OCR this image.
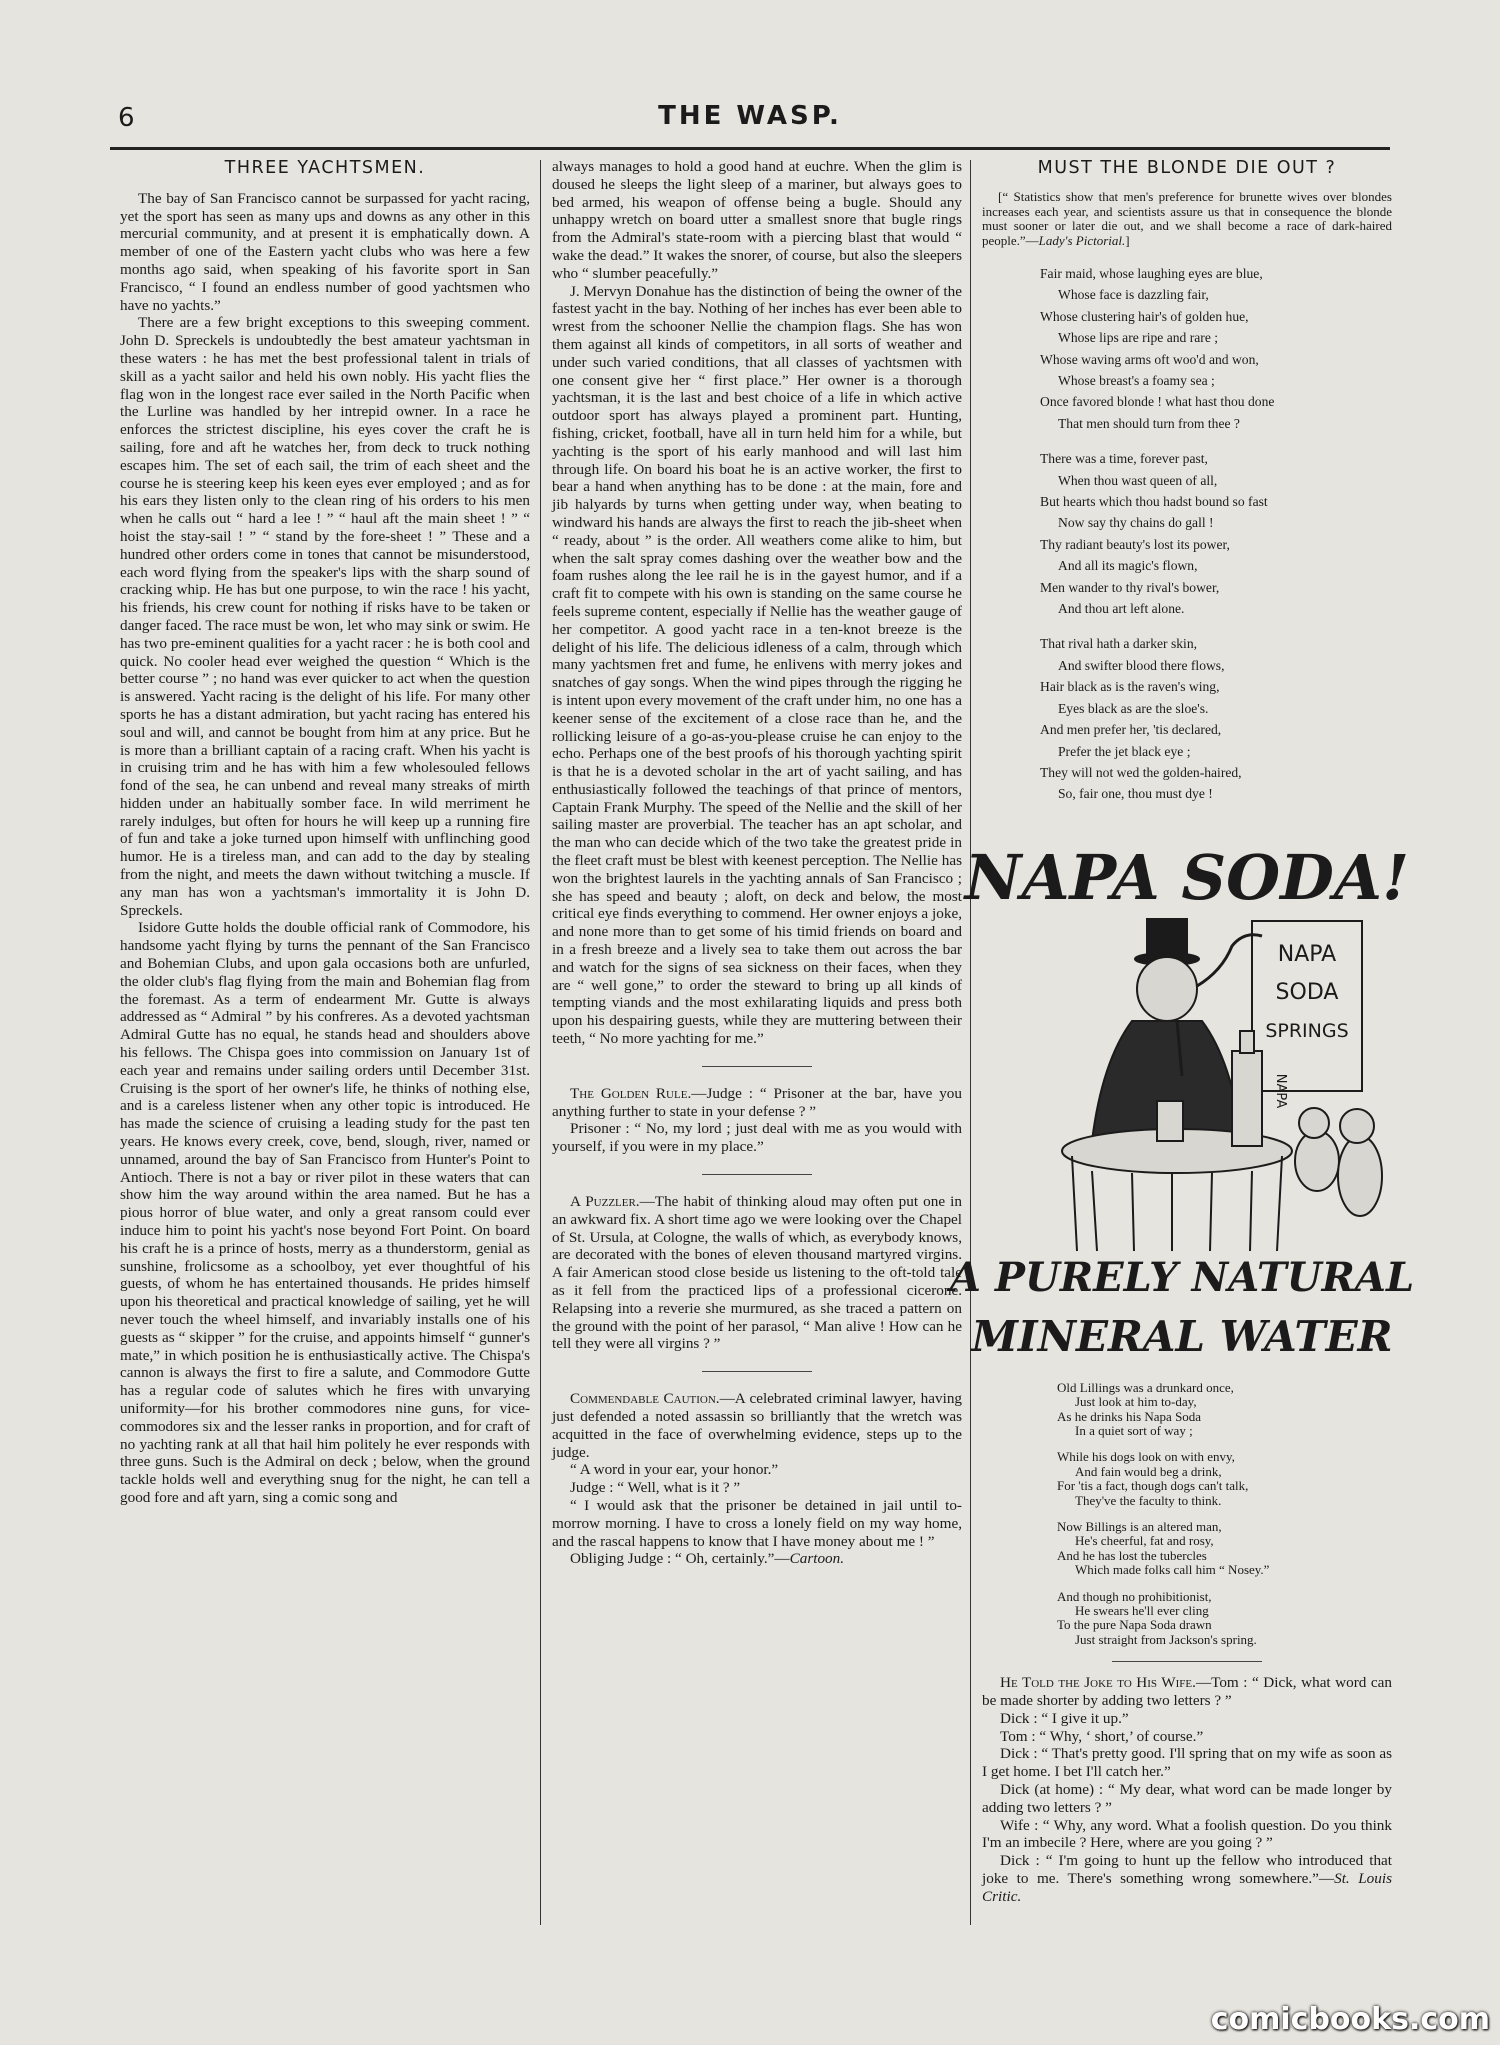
6	THE WASP.
THREE YACHTSMEN.

The bay of San Francisco cannot be surpassed for yacht racing, yet the sport has seen as many ups and downs as any other in this mercurial community, and at present it is emphatically down. A member of one of the Eastern yacht clubs who was here a few months ago said, when speaking of his favorite sport in San Francisco, “ I found an endless number of good yachtsmen who have no yachts.”

There are a few bright exceptions to this sweeping comment. John D. Spreckels is undoubtedly the best amateur yachtsman in these waters : he has met the best professional talent in trials of skill as a yacht sailor and held his own nobly. His yacht flies the flag won in the longest race ever sailed in the North Pacific when the Lurline was handled by her intrepid owner. In a race he enforces the strictest discipline, his eyes cover the craft he is sailing, fore and aft he watches her, from deck to truck nothing escapes him. The set of each sail, the trim of each sheet and the course he is steering keep his keen eyes ever employed ; and as for his ears they listen only to the clean ring of his orders to his men when he calls out “ hard a lee ! ” “ haul aft the main sheet ! ” “ hoist the stay-sail ! ” “ stand by the fore-sheet ! ” These and a hundred other orders come in tones that cannot be misunderstood, each word flying from the speaker's lips with the sharp sound of cracking whip. He has but one purpose, to win the race ! his yacht, his friends, his crew count for nothing if risks have to be taken or danger faced. The race must be won, let who may sink or swim. He has two pre-eminent qualities for a yacht racer : he is both cool and quick. No cooler head ever weighed the question “ Which is the better course ” ; no hand was ever quicker to act when the question is answered. Yacht racing is the delight of his life. For many other sports he has a distant admiration, but yacht racing has entered his soul and will, and cannot be bought from him at any price. But he is more than a brilliant captain of a racing craft. When his yacht is in cruising trim and he has with him a few wholesouled fellows fond of the sea, he can unbend and reveal many streaks of mirth hidden under an habitually somber face. In wild merriment he rarely indulges, but often for hours he will keep up a running fire of fun and take a joke turned upon himself with unflinching good humor. He is a tireless man, and can add to the day by stealing from the night, and meets the dawn without twitching a muscle. If any man has won a yachtsman's immortality it is John D. Spreckels.

Isidore Gutte holds the double official rank of Commodore, his handsome yacht flying by turns the pennant of the San Francisco and Bohemian Clubs, and upon gala occasions both are unfurled, the older club's flag flying from the main and Bohemian flag from the foremast. As a term of endearment Mr. Gutte is always addressed as “ Admiral ” by his confreres. As a devoted yachtsman Admiral Gutte has no equal, he stands head and shoulders above his fellows. The Chispa goes into commission on January 1st of each year and remains under sailing orders until December 31st. Cruising is the sport of her owner's life, he thinks of nothing else, and is a careless listener when any other topic is introduced. He has made the science of cruising a leading study for the past ten years. He knows every creek, cove, bend, slough, river, named or unnamed, around the bay of San Francisco from Hunter's Point to Antioch. There is not a bay or river pilot in these waters that can show him the way around within the area named. But he has a pious horror of blue water, and only a great ransom could ever induce him to point his yacht's nose beyond Fort Point. On board his craft he is a prince of hosts, merry as a thunderstorm, genial as sunshine, frolicsome as a schoolboy, yet ever thoughtful of his guests, of whom he has entertained thousands. He prides himself upon his theoretical and practical knowledge of sailing, yet he will never touch the wheel himself, and invariably installs one of his guests as “ skipper ” for the cruise, and appoints himself “ gunner's mate,” in which position he is enthusiastically active. The Chispa's cannon is always the first to fire a salute, and Commodore Gutte has a regular code of salutes which he fires with unvarying uniformity—for his brother commodores nine guns, for vice-commodores six and the lesser ranks in proportion, and for craft of no yachting rank at all that hail him politely he ever responds with three guns. Such is the Admiral on deck ; below, when the ground tackle holds well and everything snug for the night, he can tell a good fore and aft yarn, sing a comic song and

always manages to hold a good hand at euchre. When the glim is doused he sleeps the light sleep of a mariner, but always goes to bed armed, his weapon of offense being a bugle. Should any unhappy wretch on board utter a smallest snore that bugle rings from the Admiral's state-room with a piercing blast that would “ wake the dead.” It wakes the snorer, of course, but also the sleepers who “ slumber peacefully.”

J. Mervyn Donahue has the distinction of being the owner of the fastest yacht in the bay. Nothing of her inches has ever been able to wrest from the schooner Nellie the champion flags. She has won them against all kinds of competitors, in all sorts of weather and under such varied conditions, that all classes of yachtsmen with one consent give her “ first place.” Her owner is a thorough yachtsman, it is the last and best choice of a life in which active outdoor sport has always played a prominent part. Hunting, fishing, cricket, football, have all in turn held him for a while, but yachting is the sport of his early manhood and will last him through life. On board his boat he is an active worker, the first to bear a hand when anything has to be done : at the main, fore and jib halyards by turns when getting under way, when beating to windward his hands are always the first to reach the jib-sheet when “ ready, about ” is the order. All weathers come alike to him, but when the salt spray comes dashing over the weather bow and the foam rushes along the lee rail he is in the gayest humor, and if a craft fit to compete with his own is standing on the same course he feels supreme content, especially if Nellie has the weather gauge of her competitor. A good yacht race in a ten-knot breeze is the delight of his life. The delicious idleness of a calm, through which many yachtsmen fret and fume, he enlivens with merry jokes and snatches of gay songs. When the wind pipes through the rigging he is intent upon every movement of the craft under him, no one has a keener sense of the excitement of a close race than he, and the rollicking leisure of a go-as-you-please cruise he can enjoy to the echo. Perhaps one of the best proofs of his thorough yachting spirit is that he is a devoted scholar in the art of yacht sailing, and has enthusiastically followed the teachings of that prince of mentors, Captain Frank Murphy. The speed of the Nellie and the skill of her sailing master are proverbial. The teacher has an apt scholar, and the man who can decide which of the two take the greatest pride in the fleet craft must be blest with keenest perception. The Nellie has won the brightest laurels in the yachting annals of San Francisco ; she has speed and beauty ; aloft, on deck and below, the most critical eye finds everything to commend. Her owner enjoys a joke, and none more than to get some of his timid friends on board and in a fresh breeze and a lively sea to take them out across the bar and watch for the signs of sea sickness on their faces, when they are “ well gone,” to order the steward to bring up all kinds of tempting viands and the most exhilarating liquids and press both upon his despairing guests, while they are muttering between their teeth, “ No more yachting for me.”

The Golden Rule.—Judge : “ Prisoner at the bar, have you anything further to state in your defense ? ”

Prisoner : “ No, my lord ; just deal with me as you would with yourself, if you were in my place.”

A Puzzler.—The habit of thinking aloud may often put one in an awkward fix. A short time ago we were looking over the Chapel of St. Ursula, at Cologne, the walls of which, as everybody knows, are decorated with the bones of eleven thousand martyred virgins. A fair American stood close beside us listening to the oft-told tale as it fell from the practiced lips of a professional cicerone. Relapsing into a reverie she murmured, as she traced a pattern on the ground with the point of her parasol, “ Man alive ! How can he tell they were all virgins ? ”

Commendable Caution.—A celebrated criminal lawyer, having just defended a noted assassin so brilliantly that the wretch was acquitted in the face of overwhelming evidence, steps up to the judge.

“ A word in your ear, your honor.”

Judge : “ Well, what is it ? ”

“ I would ask that the prisoner be detained in jail until to-morrow morning. I have to cross a lonely field on my way home, and the rascal happens to know that I have money about me ! ”

Obliging Judge : “ Oh, certainly.”—Cartoon.

MUST THE BLONDE DIE OUT ?

[“ Statistics show that men's preference for brunette wives over blondes increases each year, and scientists assure us that in consequence the blonde must sooner or later die out, and we shall become a race of dark-haired people.”—Lady's Pictorial.]

Fair maid, whose laughing eyes are blue,
Whose face is dazzling fair,
Whose clustering hair's of golden hue,
Whose lips are ripe and rare ;
Whose waving arms oft woo'd and won,
Whose breast's a foamy sea ;
Once favored blonde ! what hast thou done
That men should turn from thee ?
There was a time, forever past,
When thou wast queen of all,
But hearts which thou hadst bound so fast
Now say thy chains do gall !
Thy radiant beauty's lost its power,
And all its magic's flown,
Men wander to thy rival's bower,
And thou art left alone.
That rival hath a darker skin,
And swifter blood there flows,
Hair black as is the raven's wing,
Eyes black as are the sloe's.
And men prefer her, 'tis declared,
Prefer the jet black eye ;
They will not wed the golden-haired,
So, fair one, thou must dye !
NAPA SODA!
NAPA
SODA
SPRINGS
NAPA
A PURELY NATURAL
MINERAL WATER
Old Lillings was a drunkard once,
Just look at him to-day,
As he drinks his Napa Soda
In a quiet sort of way ;
While his dogs look on with envy,
And fain would beg a drink,
For 'tis a fact, though dogs can't talk,
They've the faculty to think.
Now Billings is an altered man,
He's cheerful, fat and rosy,
And he has lost the tubercles
Which made folks call him “ Nosey.”
And though no prohibitionist,
He swears he'll ever cling
To the pure Napa Soda drawn
Just straight from Jackson's spring.

He Told the Joke to His Wife.—Tom : “ Dick, what word can be made shorter by adding two letters ? ”

Dick : “ I give it up.”

Tom : “ Why, ‘ short,’ of course.”

Dick : “ That's pretty good. I'll spring that on my wife as soon as I get home. I bet I'll catch her.”

Dick (at home) : “ My dear, what word can be made longer by adding two letters ? ”

Wife : “ Why, any word. What a foolish question. Do you think I'm an imbecile ? Here, where are you going ? ”

Dick : “ I'm going to hunt up the fellow who introduced that joke to me. There's something wrong somewhere.”—St. Louis Critic.

comicbooks.com
